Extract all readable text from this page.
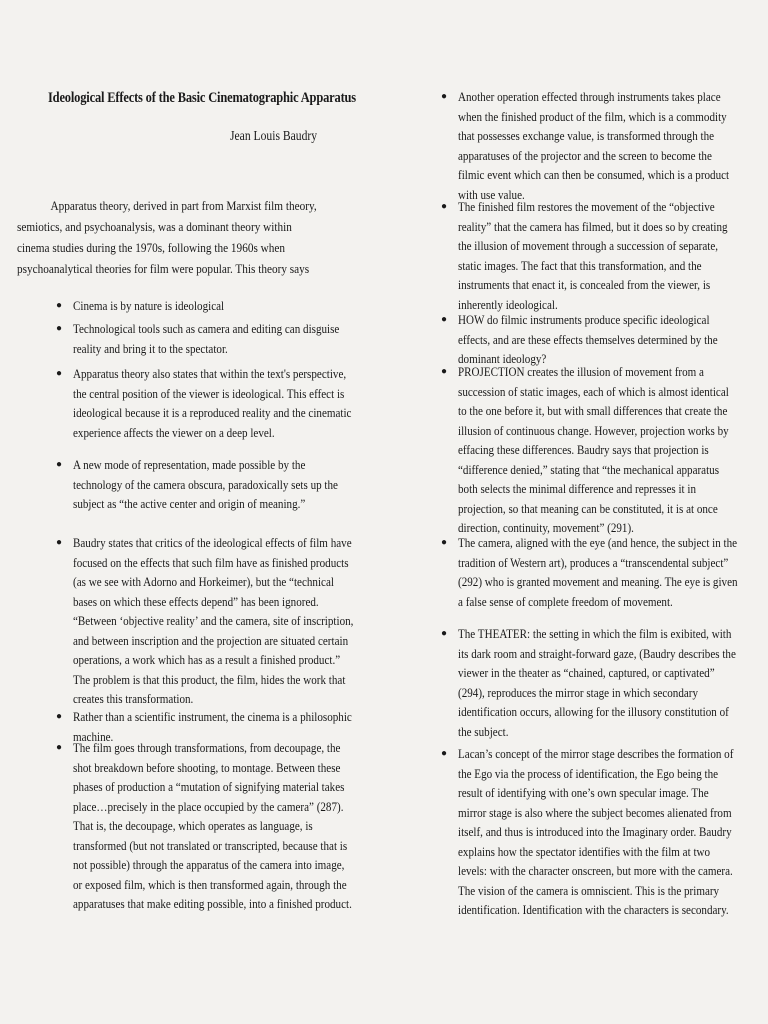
Ideological Effects of the Basic Cinematographic Apparatus
Jean Louis Baudry
Apparatus theory, derived in part from Marxist film theory, semiotics, and psychoanalysis, was a dominant theory within cinema studies during the 1970s, following the 1960s when psychoanalytical theories for film were popular. This theory says
● Cinema is by nature is ideological
● Technological tools such as camera and editing can disguise reality and bring it to the spectator.
● Apparatus theory also states that within the text's perspective, the central position of the viewer is ideological. This effect is ideological because it is a reproduced reality and the cinematic experience affects the viewer on a deep level.
● A new mode of representation, made possible by the technology of the camera obscura, paradoxically sets up the subject as “the active center and origin of meaning.”
● Baudry states that critics of the ideological effects of film have focused on the effects that such film have as finished products (as we see with Adorno and Horkeimer), but the “technical bases on which these effects depend” has been ignored. “Between ‘objective reality’ and the camera, site of inscription, and between inscription and the projection are situated certain operations, a work which has as a result a finished product.” The problem is that this product, the film, hides the work that creates this transformation.
● Rather than a scientific instrument, the cinema is a philosophic machine.
● The film goes through transformations, from decoupage, the shot breakdown before shooting, to montage. Between these phases of production a “mutation of signifying material takes place…precisely in the place occupied by the camera” (287). That is, the decoupage, which operates as language, is transformed (but not translated or transcripted, because that is not possible) through the apparatus of the camera into image, or exposed film, which is then transformed again, through the apparatuses that make editing possible, into a finished product.
● Another operation effected through instruments takes place when the finished product of the film, which is a commodity that possesses exchange value, is transformed through the apparatuses of the projector and the screen to become the filmic event which can then be consumed, which is a product with use value.
● The finished film restores the movement of the “objective reality” that the camera has filmed, but it does so by creating the illusion of movement through a succession of separate, static images. The fact that this transformation, and the instruments that enact it, is concealed from the viewer, is inherently ideological.
● HOW do filmic instruments produce specific ideological effects, and are these effects themselves determined by the dominant ideology?
● PROJECTION creates the illusion of movement from a succession of static images, each of which is almost identical to the one before it, but with small differences that create the illusion of continuous change. However, projection works by effacing these differences. Baudry says that projection is “difference denied,” stating that “the mechanical apparatus both selects the minimal difference and represses it in projection, so that meaning can be constituted, it is at once direction, continuity, movement” (291).
● The camera, aligned with the eye (and hence, the subject in the tradition of Western art), produces a “transcendental subject” (292) who is granted movement and meaning. The eye is given a false sense of complete freedom of movement.
● The THEATER: the setting in which the film is exibited, with its dark room and straight-forward gaze, (Baudry describes the viewer in the theater as “chained, captured, or captivated” (294), reproduces the mirror stage in which secondary identification occurs, allowing for the illusory constitution of the subject.
● Lacan’s concept of the mirror stage describes the formation of the Ego via the process of identification, the Ego being the result of identifying with one’s own specular image. The mirror stage is also where the subject becomes alienated from itself, and thus is introduced into the Imaginary order. Baudry explains how the spectator identifies with the film at two levels: with the character onscreen, but more with the camera. The vision of the camera is omniscient. This is the primary identification. Identification with the characters is secondary.
